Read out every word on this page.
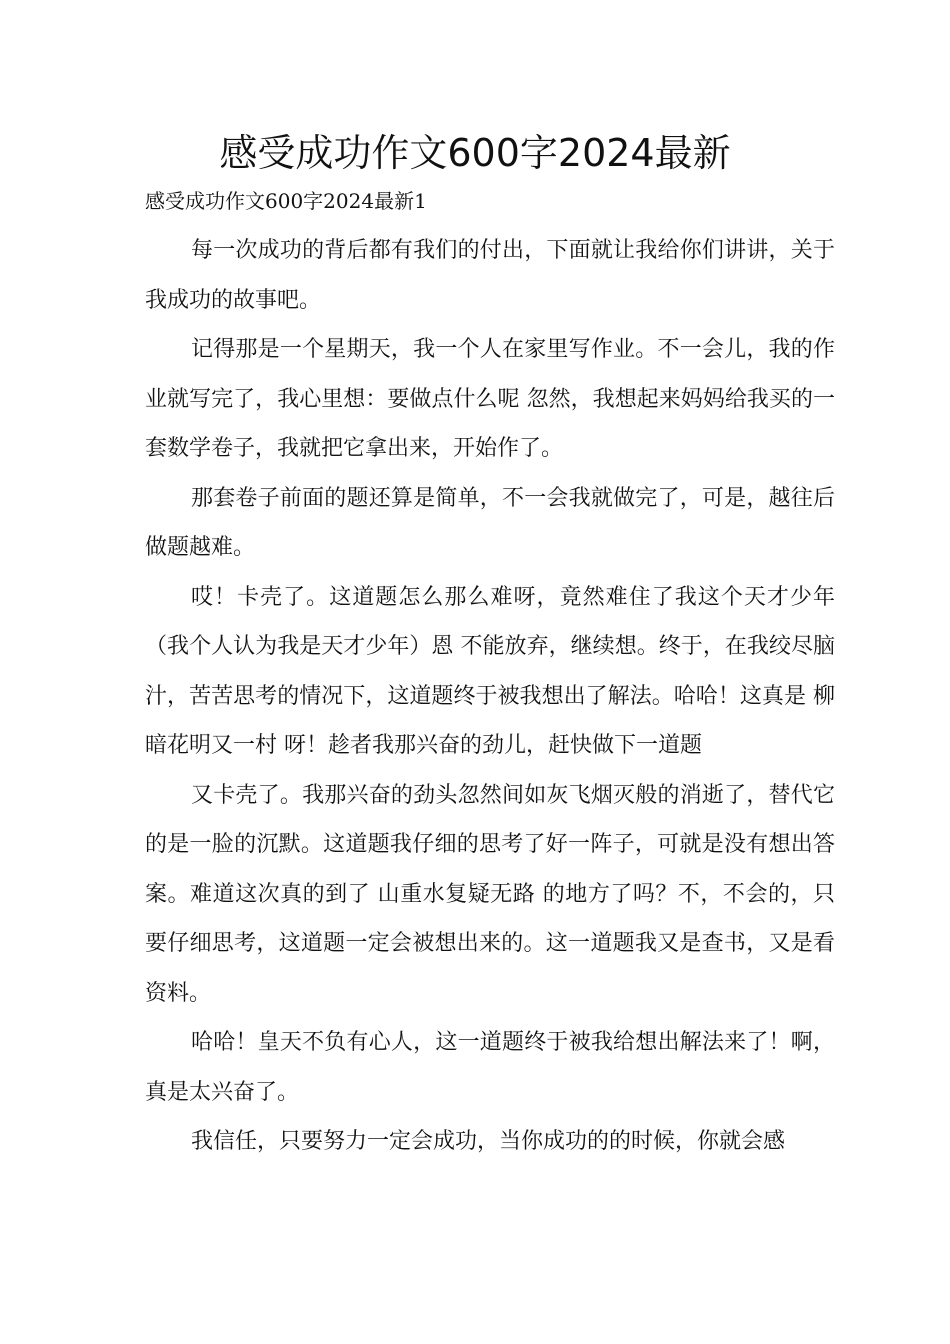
感受成功作文600字2024最新
感受成功作文600字2024最新1

每一次成功的背后都有我们的付出，下面就让我给你们讲讲，关于我成功的故事吧。

记得那是一个星期天，我一个人在家里写作业。不一会儿，我的作业就写完了，我心里想：要做点什么呢 忽然，我想起来妈妈给我买的一套数学卷子，我就把它拿出来，开始作了。

那套卷子前面的题还算是简单，不一会我就做完了，可是，越往后做题越难。

哎！卡壳了。这道题怎么那么难呀，竟然难住了我这个天才少年（我个人认为我是天才少年）恩 不能放弃，继续想。终于，在我绞尽脑汁，苦苦思考的情况下，这道题终于被我想出了解法。哈哈！这真是 柳暗花明又一村 呀！趁者我那兴奋的劲儿，赶快做下一道题

又卡壳了。我那兴奋的劲头忽然间如灰飞烟灭般的消逝了，替代它的是一脸的沉默。这道题我仔细的思考了好一阵子，可就是没有想出答案。难道这次真的到了 山重水复疑无路 的地方了吗？不，不会的，只要仔细思考，这道题一定会被想出来的。这一道题我又是查书，又是看资料。

哈哈！皇天不负有心人，这一道题终于被我给想出解法来了！啊，真是太兴奋了。

我信任，只要努力一定会成功，当你成功的的时候，你就会感
